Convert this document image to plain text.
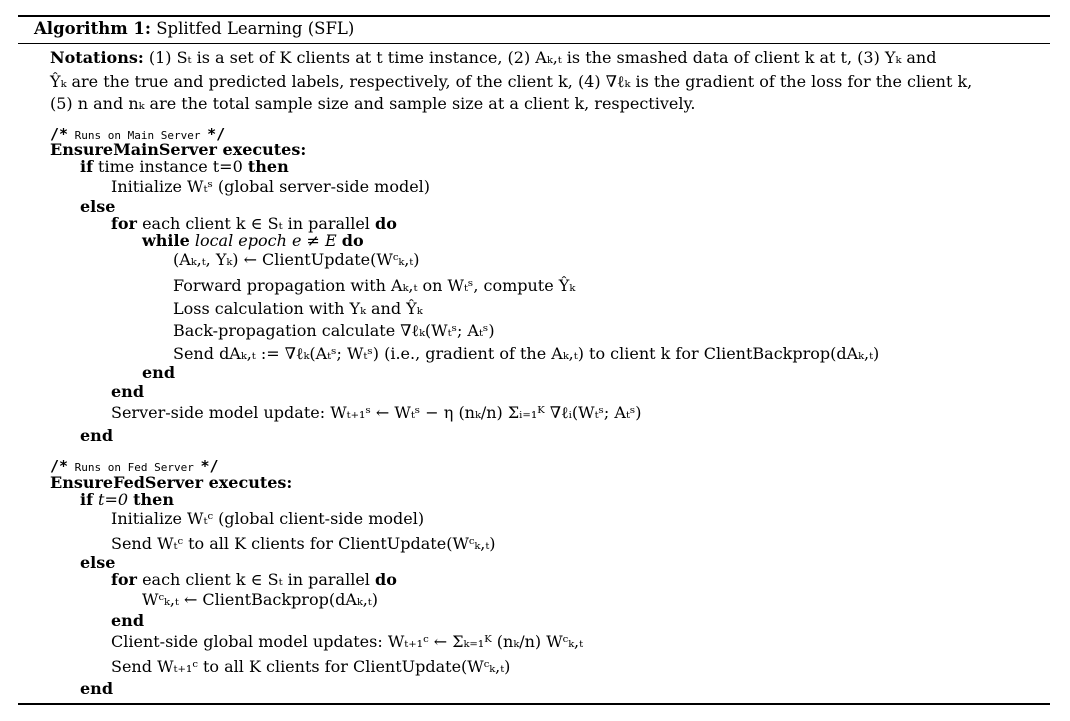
Algorithm 1: Splitfed Learning (SFL)
Notations: (1) Sₜ is a set of K clients at t time instance, (2) Aₖ,ₜ is the smashed data of client k at t, (3) Yₖ and
Ŷₖ are the true and predicted labels, respectively, of the client k, (4) ∇ℓₖ is the gradient of the loss for the client k,
(5) n and nₖ are the total sample size and sample size at a client k, respectively.
/* Runs on Main Server */
EnsureMainServer executes:
if time instance t=0 then
Initialize Wₜˢ (global server-side model)
else
for each client k ∈ Sₜ in parallel do
while local epoch e ≠ E do
(Aₖ,ₜ, Yₖ) ← ClientUpdate(Wᶜₖ,ₜ)
Forward propagation with Aₖ,ₜ on Wₜˢ, compute Ŷₖ
Loss calculation with Yₖ and Ŷₖ
Back-propagation calculate ∇ℓₖ(Wₜˢ; Aₜˢ)
Send dAₖ,ₜ := ∇ℓₖ(Aₜˢ; Wₜˢ) (i.e., gradient of the Aₖ,ₜ) to client k for ClientBackprop(dAₖ,ₜ)
end
end
Server-side model update: Wₜ₊₁ˢ ← Wₜˢ − η (nₖ/n) Σᵢ₌₁ᴷ ∇ℓᵢ(Wₜˢ; Aₜˢ)
end
/* Runs on Fed Server */
EnsureFedServer executes:
if t=0 then
Initialize Wₜᶜ (global client-side model)
Send Wₜᶜ to all K clients for ClientUpdate(Wᶜₖ,ₜ)
else
for each client k ∈ Sₜ in parallel do
Wᶜₖ,ₜ ← ClientBackprop(dAₖ,ₜ)
end
Client-side global model updates: Wₜ₊₁ᶜ ← Σₖ₌₁ᴷ (nₖ/n) Wᶜₖ,ₜ
Send Wₜ₊₁ᶜ to all K clients for ClientUpdate(Wᶜₖ,ₜ)
end
